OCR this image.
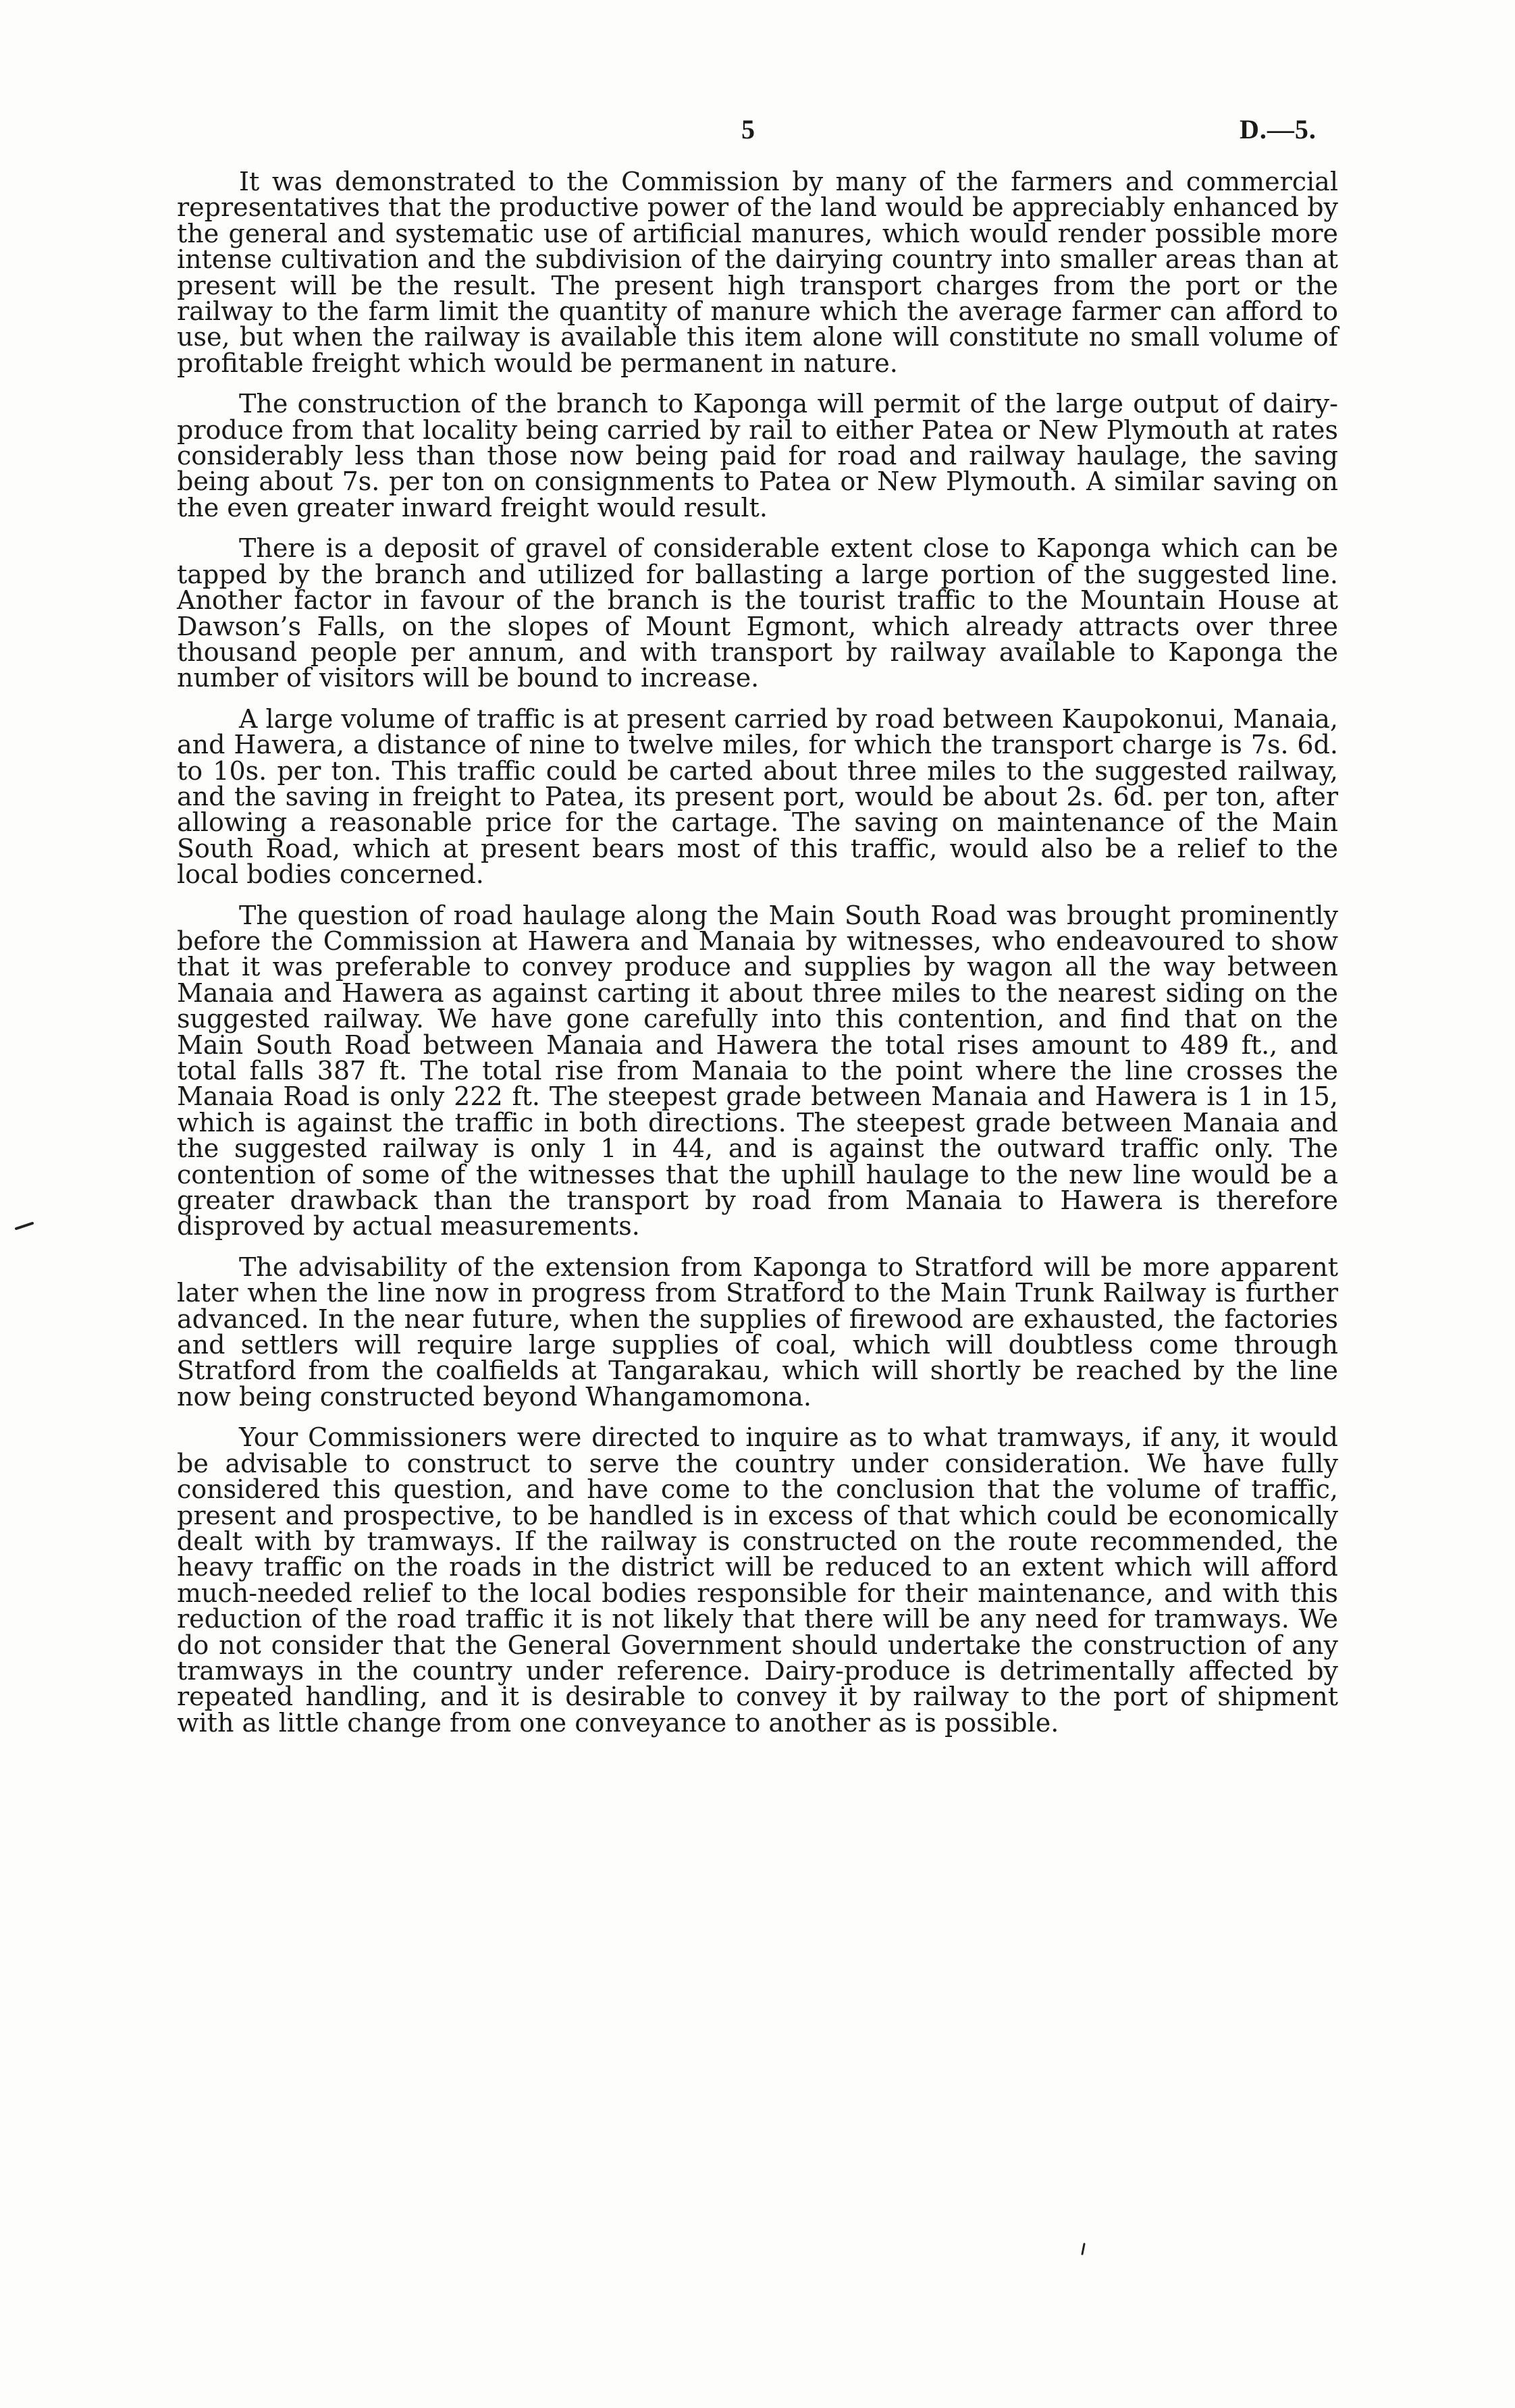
5	D.—5.

It was demonstrated to the Commission by many of the farmers and commercial representatives that the productive power of the land would be appreciably enhanced by the general and systematic use of artificial manures, which would render possible more intense cultivation and the subdivision of the dairying country into smaller areas than at present will be the result. The present high transport charges from the port or the railway to the farm limit the quantity of manure which the average farmer can afford to use, but when the railway is available this item alone will constitute no small volume of profitable freight which would be permanent in nature.

The construction of the branch to Kaponga will permit of the large output of dairy-produce from that locality being carried by rail to either Patea or New Plymouth at rates considerably less than those now being paid for road and railway haulage, the saving being about 7s. per ton on consignments to Patea or New Plymouth. A similar saving on the even greater inward freight would result.

There is a deposit of gravel of considerable extent close to Kaponga which can be tapped by the branch and utilized for ballasting a large portion of the suggested line. Another factor in favour of the branch is the tourist traffic to the Mountain House at Dawson’s Falls, on the slopes of Mount Egmont, which already attracts over three thousand people per annum, and with transport by railway available to Kaponga the number of visitors will be bound to increase.

A large volume of traffic is at present carried by road between Kaupokonui, Manaia, and Hawera, a distance of nine to twelve miles, for which the transport charge is 7s. 6d. to 10s. per ton. This traffic could be carted about three miles to the suggested railway, and the saving in freight to Patea, its present port, would be about 2s. 6d. per ton, after allowing a reasonable price for the cartage. The saving on maintenance of the Main South Road, which at present bears most of this traffic, would also be a relief to the local bodies concerned.

The question of road haulage along the Main South Road was brought prominently before the Commission at Hawera and Manaia by witnesses, who endeavoured to show that it was preferable to convey produce and supplies by wagon all the way between Manaia and Hawera as against carting it about three miles to the nearest siding on the suggested railway. We have gone carefully into this contention, and find that on the Main South Road between Manaia and Hawera the total rises amount to 489 ft., and total falls 387 ft. The total rise from Manaia to the point where the line crosses the Manaia Road is only 222 ft. The steepest grade between Manaia and Hawera is 1 in 15, which is against the traffic in both directions. The steepest grade between Manaia and the suggested railway is only 1 in 44, and is against the outward traffic only. The contention of some of the witnesses that the uphill haulage to the new line would be a greater drawback than the transport by road from Manaia to Hawera is therefore disproved by actual measurements.

The advisability of the extension from Kaponga to Stratford will be more apparent later when the line now in progress from Stratford to the Main Trunk Railway is further advanced. In the near future, when the supplies of firewood are exhausted, the factories and settlers will require large supplies of coal, which will doubtless come through Stratford from the coalfields at Tangarakau, which will shortly be reached by the line now being constructed beyond Whangamomona.

Your Commissioners were directed to inquire as to what tramways, if any, it would be advisable to construct to serve the country under consideration. We have fully considered this question, and have come to the conclusion that the volume of traffic, present and prospective, to be handled is in excess of that which could be economically dealt with by tramways. If the railway is constructed on the route recommended, the heavy traffic on the roads in the district will be reduced to an extent which will afford much-needed relief to the local bodies responsible for their maintenance, and with this reduction of the road traffic it is not likely that there will be any need for tramways. We do not consider that the General Government should undertake the construction of any tramways in the country under reference. Dairy-produce is detrimentally affected by repeated handling, and it is desirable to convey it by railway to the port of shipment with as little change from one conveyance to another as is possible.
